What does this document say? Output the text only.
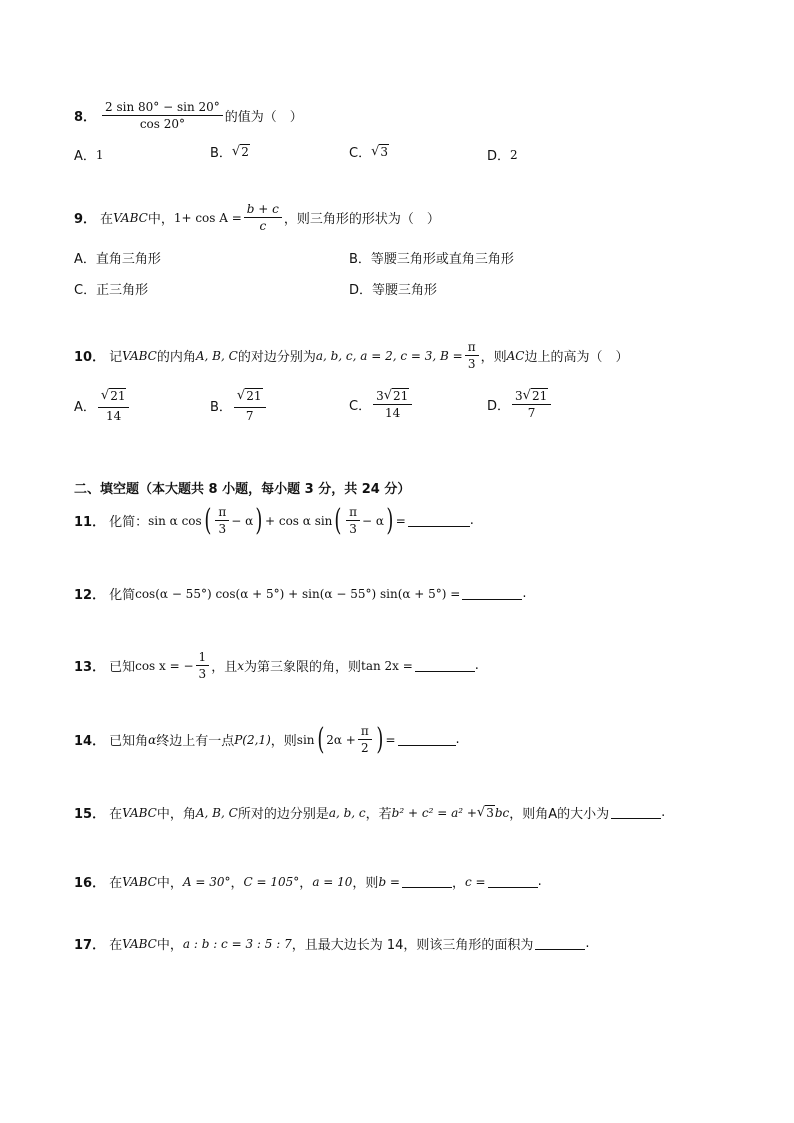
8． $\frac{2 \sin 80^\circ - \sin 20^\circ}{\cos 20^\circ}$ 的值为（　）
A． 1	B． √ 2	C． √ 3	D． 2
9． 在 VABC 中， $1+ \cos A = \frac{b + c}{c}$ ，则三角形的形状为（　）
A． 直角三角形	B． 等腰三角形或直角三角形
C． 正三角形	D． 等腰三角形
10． 记 VABC 的内角 A, B, C 的对边分别为 a, b, c, a = 2, c = 3, $B = \frac{\pi}{3}$ ，则 AC 边上的高为（　）
A． $\frac{√ 21}{14}$	B． $\frac{√ 21}{7}$	C． $\frac{3 √ 21}{14}$	D． $\frac{3 √ 21}{7}$
二、填空题（本大题共 8 小题，每小题 3 分，共 24 分）
11． 化简： sin α cos ( $\frac{\pi}{3} - \alpha$ ) + cos α sin ( $\frac{\pi}{3} - \alpha$ ) =	.
12． 化简 cos(α − 55°) cos(α + 5°) + sin(α − 55°) sin(α + 5°) =	.
13． 已知 cos x = − $\frac{1}{3}$ ，且 x 为第三象限的角，则 tan 2x =	.
14． 已知角 α 终边上有一点 P(2,1) ，则 sin ( $2\alpha + \frac{\pi}{2}$ ) =	.
15． 在 VABC 中，角 A, B, C 所对的边分别是 a, b, c ，若 b² + c² = a² + √ 3 bc ，则角A的大小为	.
16． 在 VABC 中， A = 30° ， C = 105° ， a = 10 ，则 b =	， c =	.
17． 在 VABC 中， a : b : c = 3 : 5 : 7 ，且最大边长为 14，则该三角形的面积为	.
